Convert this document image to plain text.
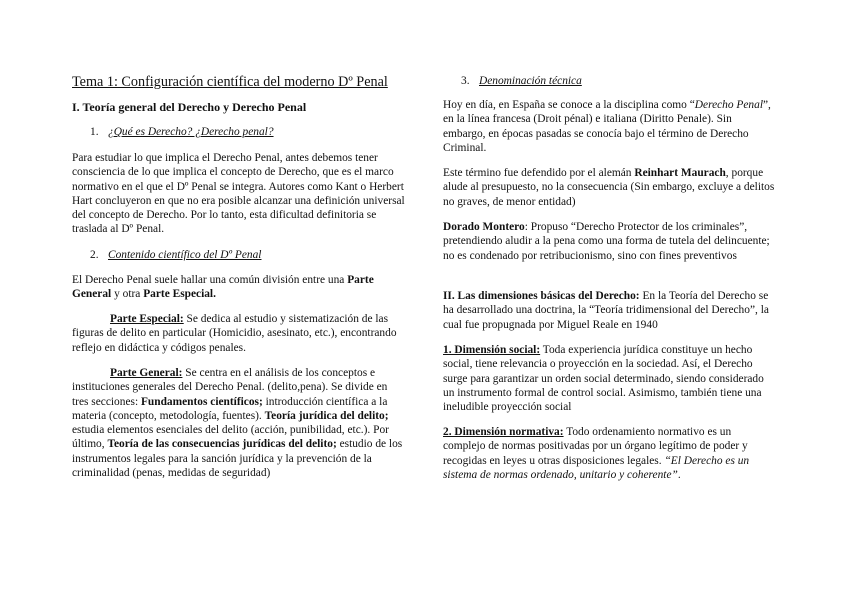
Tema 1: Configuración científica del moderno Dº Penal
I. Teoría general del Derecho y Derecho Penal
1. ¿Qué es Derecho? ¿Derecho penal?

Para estudiar lo que implica el Derecho Penal, antes debemos tener consciencia de lo que implica el concepto de Derecho, que es el marco normativo en el que el Dº Penal se integra. Autores como Kant o Herbert Hart concluyeron en que no era posible alcanzar una definición universal del concepto de Derecho. Por lo tanto, esta dificultad definitoria se traslada al Dº Penal.

2. Contenido científico del Dº Penal

El Derecho Penal suele hallar una común división entre una Parte General y otra Parte Especial.

Parte Especial: Se dedica al estudio y sistematización de las figuras de delito en particular (Homicidio, asesinato, etc.), encontrando reflejo en didáctica y códigos penales.

Parte General: Se centra en el análisis de los conceptos e instituciones generales del Derecho Penal. (delito,pena). Se divide en tres secciones: Fundamentos científicos; introducción científica a la materia (concepto, metodología, fuentes). Teoría jurídica del delito; estudia elementos esenciales del delito (acción, punibilidad, etc.). Por último, Teoría de las consecuencias jurídicas del delito; estudio de los instrumentos legales para la sanción jurídica y la prevención de la criminalidad (penas, medidas de seguridad)

3. Denominación técnica

Hoy en día, en España se conoce a la disciplina como “Derecho Penal”, en la línea francesa (Droit pénal) e italiana (Diritto Penale). Sin embargo, en épocas pasadas se conocía bajo el término de Derecho Criminal.

Este término fue defendido por el alemán Reinhart Maurach, porque alude al presupuesto, no la consecuencia (Sin embargo, excluye a delitos no graves, de menor entidad)

Dorado Montero: Propuso “Derecho Protector de los criminales”, pretendiendo aludir a la pena como una forma de tutela del delincuente; no es condenado por retribucionismo, sino con fines preventivos

II. Las dimensiones básicas del Derecho: En la Teoría del Derecho se ha desarrollado una doctrina, la “Teoría tridimensional del Derecho”, la cual fue propugnada por Miguel Reale en 1940

1. Dimensión social: Toda experiencia jurídica constituye un hecho social, tiene relevancia o proyección en la sociedad. Así, el Derecho surge para garantizar un orden social determinado, siendo considerado un instrumento formal de control social. Asimismo, también tiene una ineludible proyección social

2. Dimensión normativa: Todo ordenamiento normativo es un complejo de normas positivadas por un órgano legítimo de poder y recogidas en leyes u otras disposiciones legales. “El Derecho es un sistema de normas ordenado, unitario y coherente”.
